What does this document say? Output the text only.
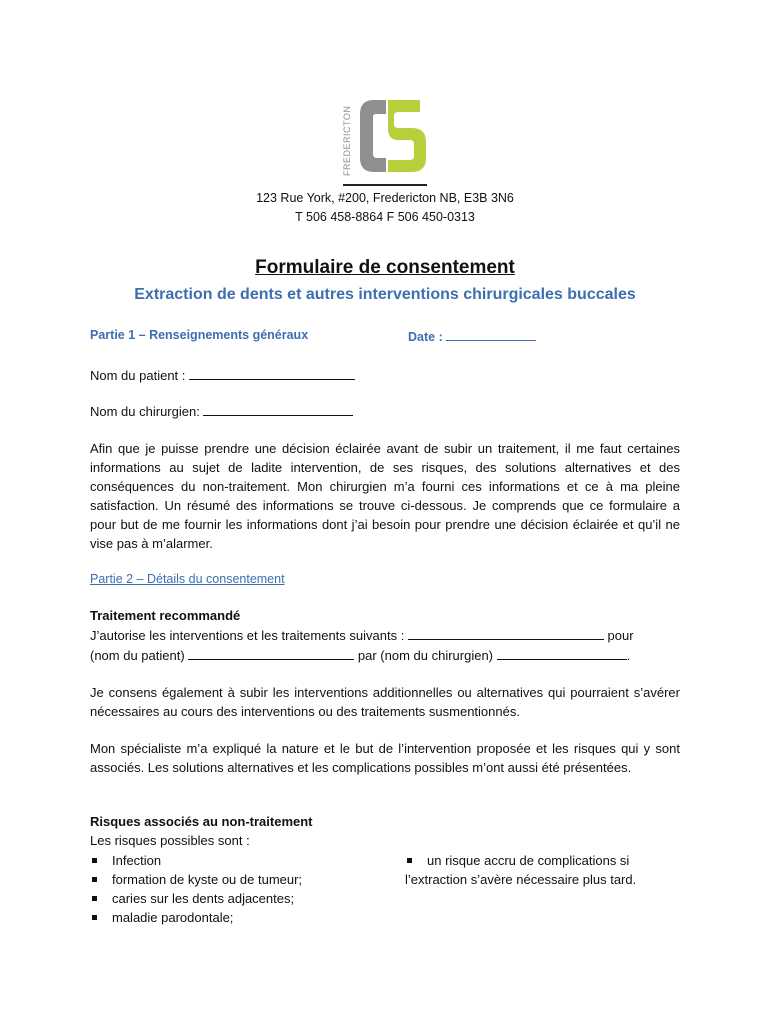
FREDERICTON
123 Rue York, #200, Fredericton NB, E3B 3N6
T 506 458-8864 F 506 450-0313
Formulaire de consentement
Extraction de dents et autres interventions chirurgicales buccales
Partie 1 – Renseignements généraux	Date :
Nom du patient :
Nom du chirurgien:
Afin que je puisse prendre une décision éclairée avant de subir un traitement, il me faut certaines informations au sujet de ladite intervention, de ses risques, des solutions alternatives et des conséquences du non-traitement. Mon chirurgien m’a fourni ces informations et ce à ma pleine satisfaction. Un résumé des informations se trouve ci-dessous. Je comprends que ce formulaire a pour but de me fournir les informations dont j’ai besoin pour prendre une décision éclairée et qu’il ne vise pas à m’alarmer.
Partie 2 – Détails du consentement
Traitement recommandé
J’autorise les interventions et les traitements suivants :	pour
(nom du patient)	par (nom du chirurgien)	.
Je consens également à subir les interventions additionnelles ou alternatives qui pourraient s’avérer nécessaires au cours des interventions ou des traitements susmentionnés.
Mon spécialiste m’a expliqué la nature et le but de l’intervention proposée et les risques qui y sont associés. Les solutions alternatives et les complications possibles m’ont aussi été présentées.
Risques associés au non-traitement
Les risques possibles sont :
Infection
formation de kyste ou de tumeur;
caries sur les dents adjacentes;
maladie parodontale;
un risque accru de complications si
l’extraction s’avère nécessaire plus tard.
